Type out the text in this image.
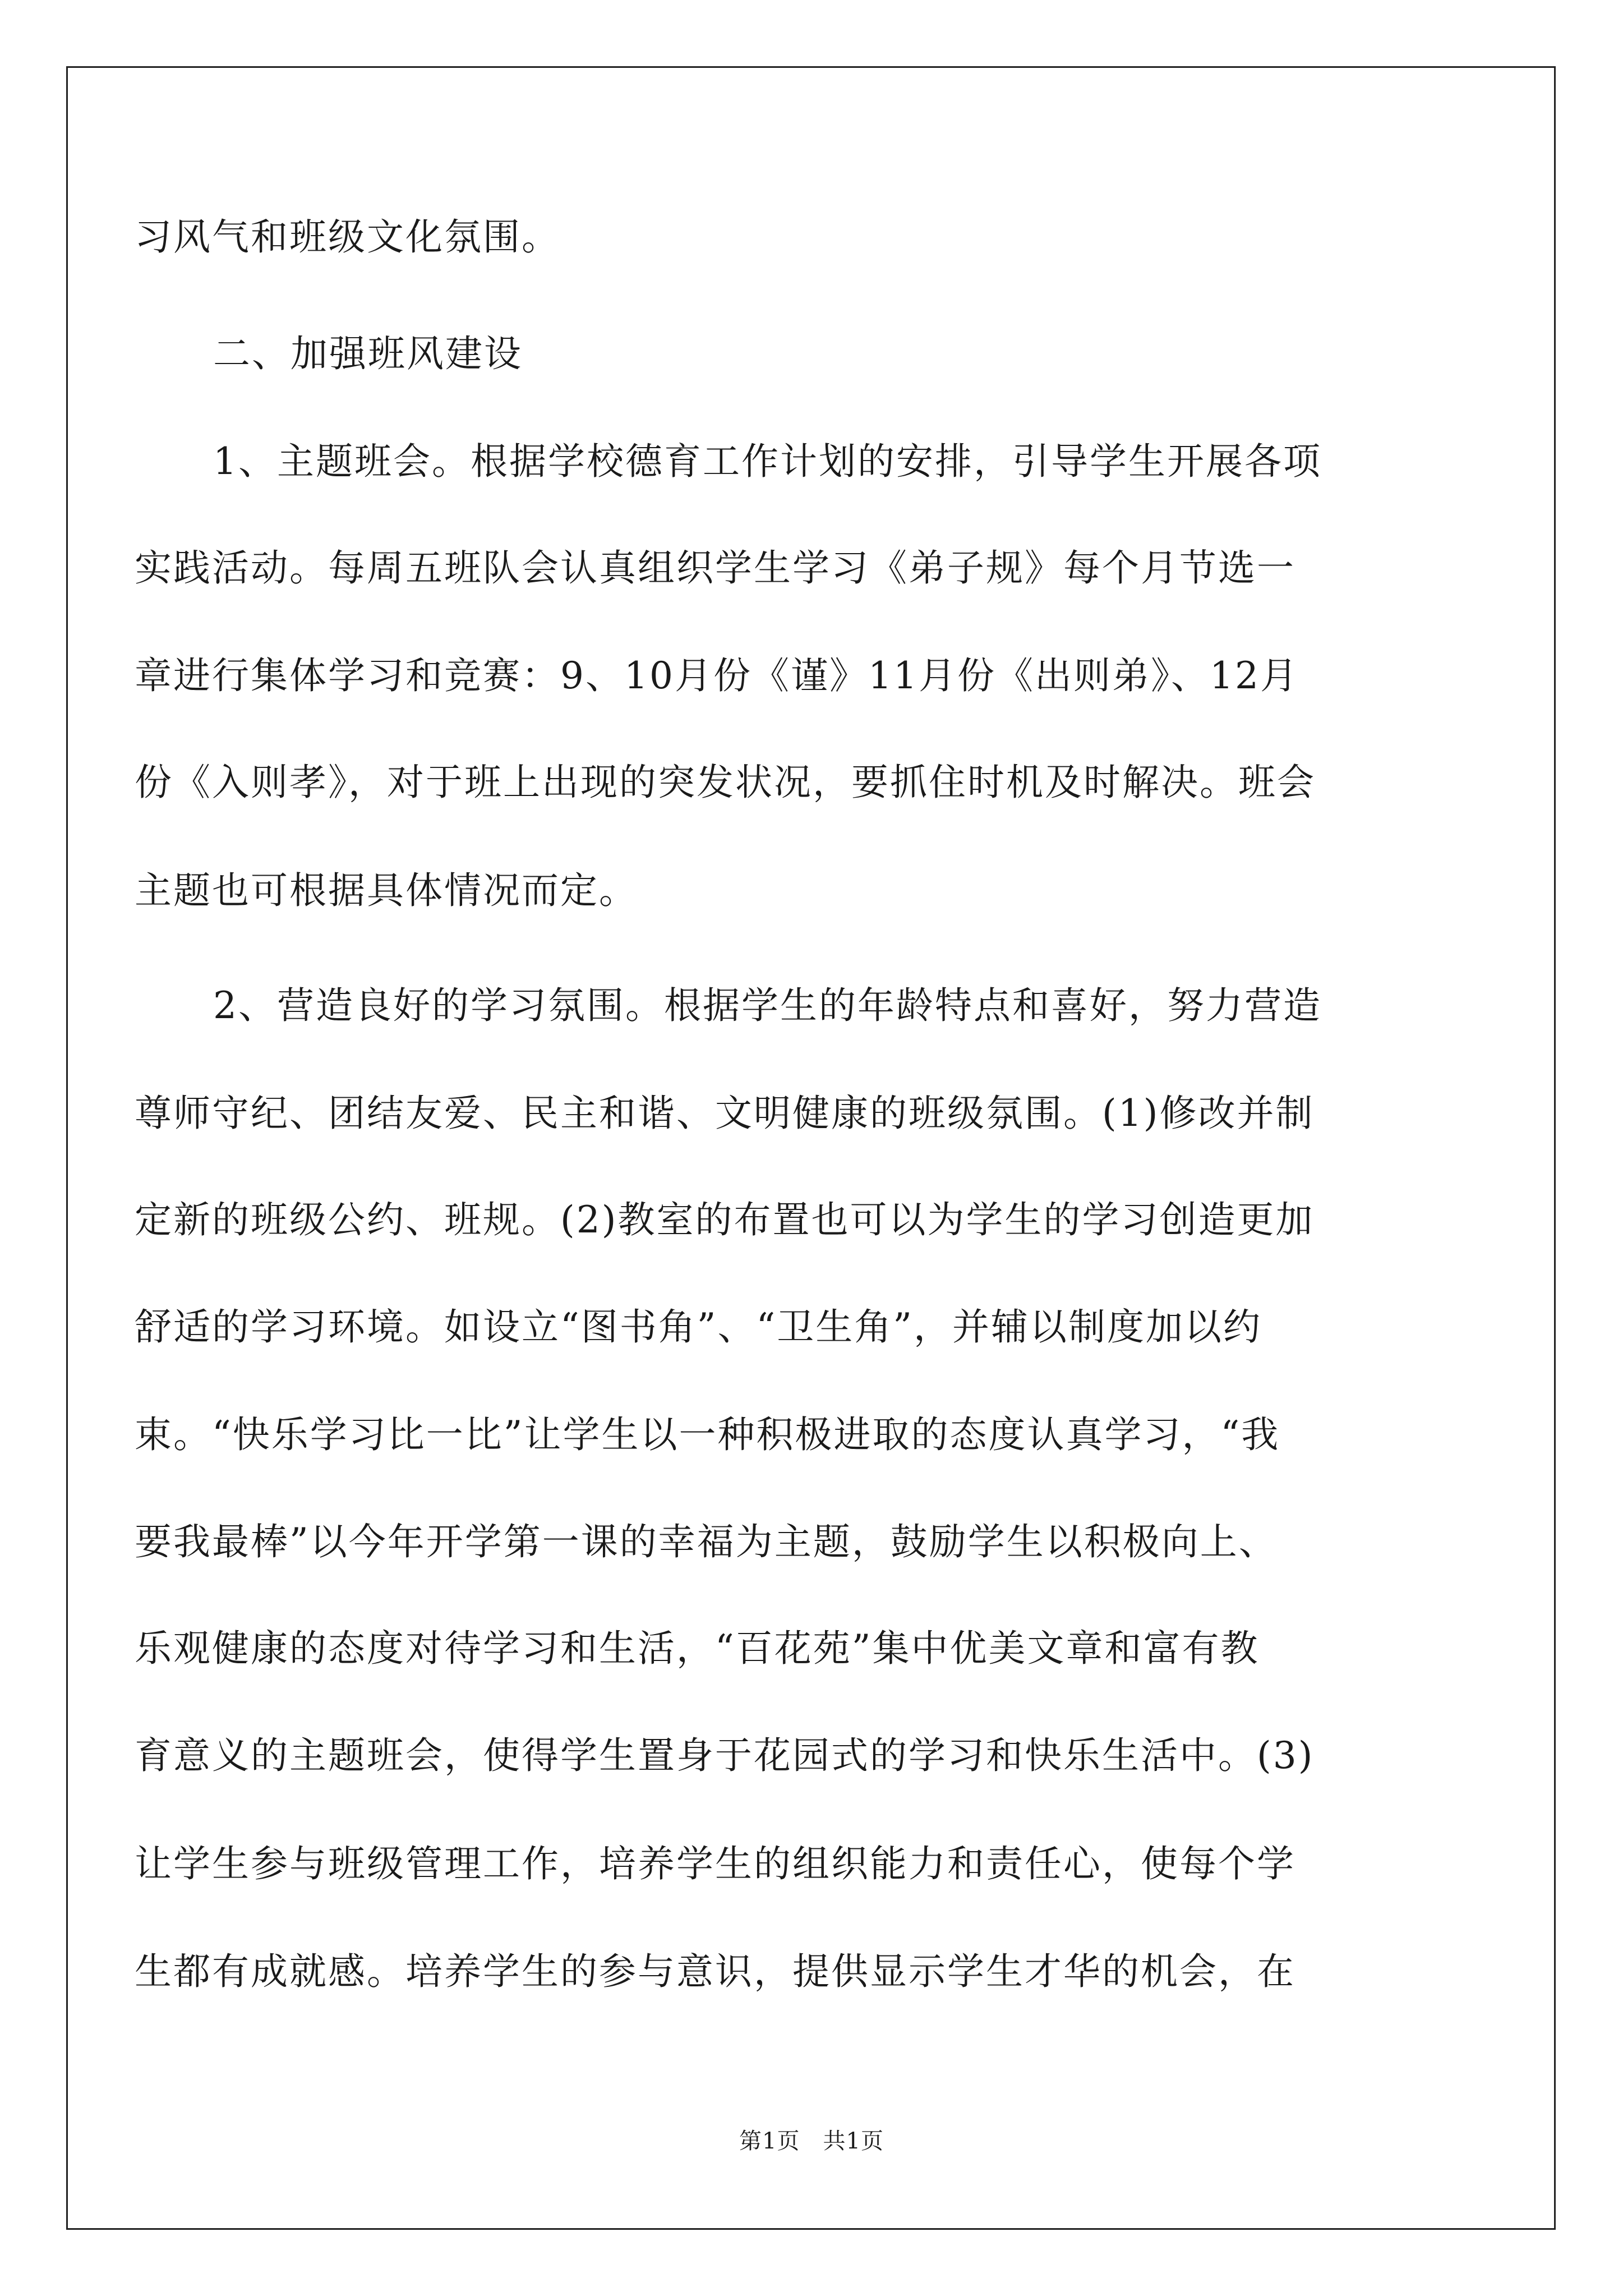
习风气和班级文化氛围。
二、加强班风建设
1、主题班会。根据学校德育工作计划的安排，引导学生开展各项
实践活动。每周五班队会认真组织学生学习《弟子规》每个月节选一
章进行集体学习和竞赛：9、10月份《谨》11月份《出则弟》、12月
份《入则孝》，对于班上出现的突发状况，要抓住时机及时解决。班会
主题也可根据具体情况而定。
2、营造良好的学习氛围。根据学生的年龄特点和喜好，努力营造
尊师守纪、团结友爱、民主和谐、文明健康的班级氛围。(1)修改并制
定新的班级公约、班规。(2)教室的布置也可以为学生的学习创造更加
舒适的学习环境。如设立“图书角”、“卫生角”，并辅以制度加以约
束。“快乐学习比一比”让学生以一种积极进取的态度认真学习，“我
要我最棒”以今年开学第一课的幸福为主题，鼓励学生以积极向上、
乐观健康的态度对待学习和生活，“百花苑”集中优美文章和富有教
育意义的主题班会，使得学生置身于花园式的学习和快乐生活中。(3)
让学生参与班级管理工作，培养学生的组织能力和责任心，使每个学
生都有成就感。培养学生的参与意识，提供显示学生才华的机会，在
第1页　共1页
